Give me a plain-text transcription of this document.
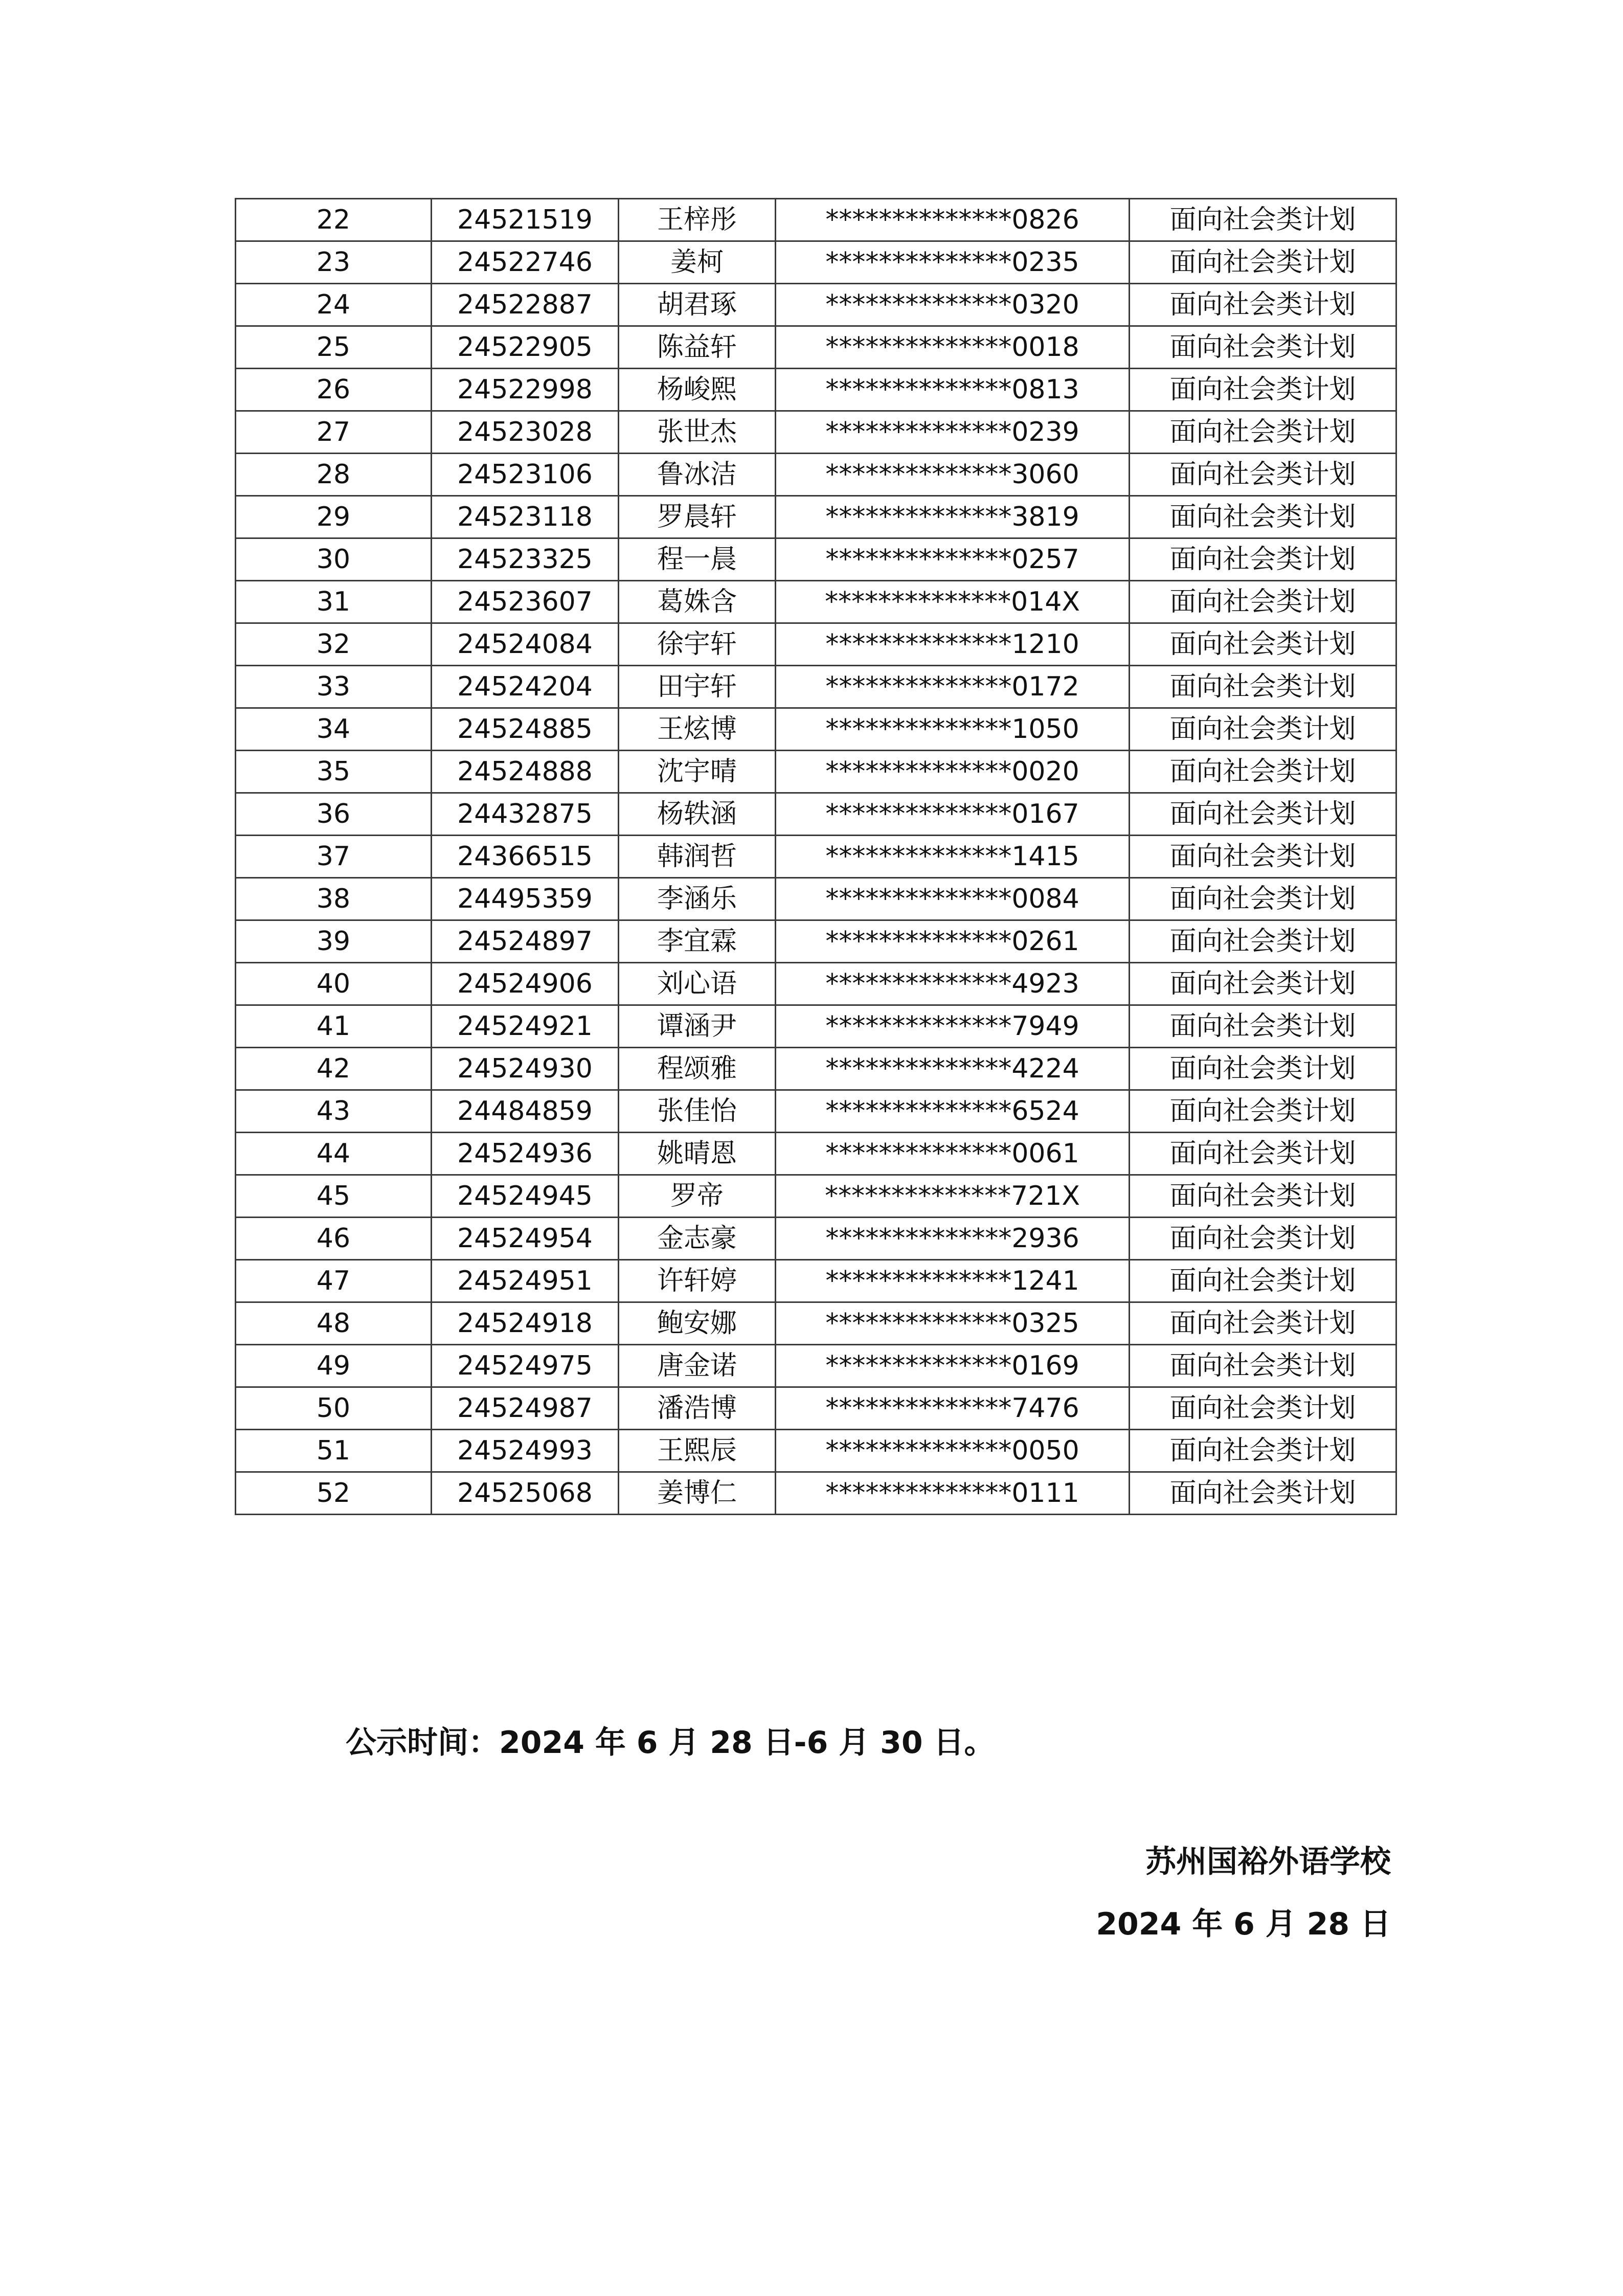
22	24521519	王梓彤	**************0826	面向社会类计划
23	24522746	姜柯	**************0235	面向社会类计划
24	24522887	胡君琢	**************0320	面向社会类计划
25	24522905	陈益轩	**************0018	面向社会类计划
26	24522998	杨峻熙	**************0813	面向社会类计划
27	24523028	张世杰	**************0239	面向社会类计划
28	24523106	鲁冰洁	**************3060	面向社会类计划
29	24523118	罗晨轩	**************3819	面向社会类计划
30	24523325	程一晨	**************0257	面向社会类计划
31	24523607	葛姝含	**************014X	面向社会类计划
32	24524084	徐宇轩	**************1210	面向社会类计划
33	24524204	田宇轩	**************0172	面向社会类计划
34	24524885	王炫博	**************1050	面向社会类计划
35	24524888	沈宇晴	**************0020	面向社会类计划
36	24432875	杨轶涵	**************0167	面向社会类计划
37	24366515	韩润哲	**************1415	面向社会类计划
38	24495359	李涵乐	**************0084	面向社会类计划
39	24524897	李宜霖	**************0261	面向社会类计划
40	24524906	刘心语	**************4923	面向社会类计划
41	24524921	谭涵尹	**************7949	面向社会类计划
42	24524930	程颂雅	**************4224	面向社会类计划
43	24484859	张佳怡	**************6524	面向社会类计划
44	24524936	姚晴恩	**************0061	面向社会类计划
45	24524945	罗帝	**************721X	面向社会类计划
46	24524954	金志豪	**************2936	面向社会类计划
47	24524951	许轩婷	**************1241	面向社会类计划
48	24524918	鲍安娜	**************0325	面向社会类计划
49	24524975	唐金诺	**************0169	面向社会类计划
50	24524987	潘浩博	**************7476	面向社会类计划
51	24524993	王熙辰	**************0050	面向社会类计划
52	24525068	姜博仁	**************0111	面向社会类计划
公示时间：2024 年 6 月 28 日-6 月 30 日。
苏州国裕外语学校
2024 年 6 月 28 日
